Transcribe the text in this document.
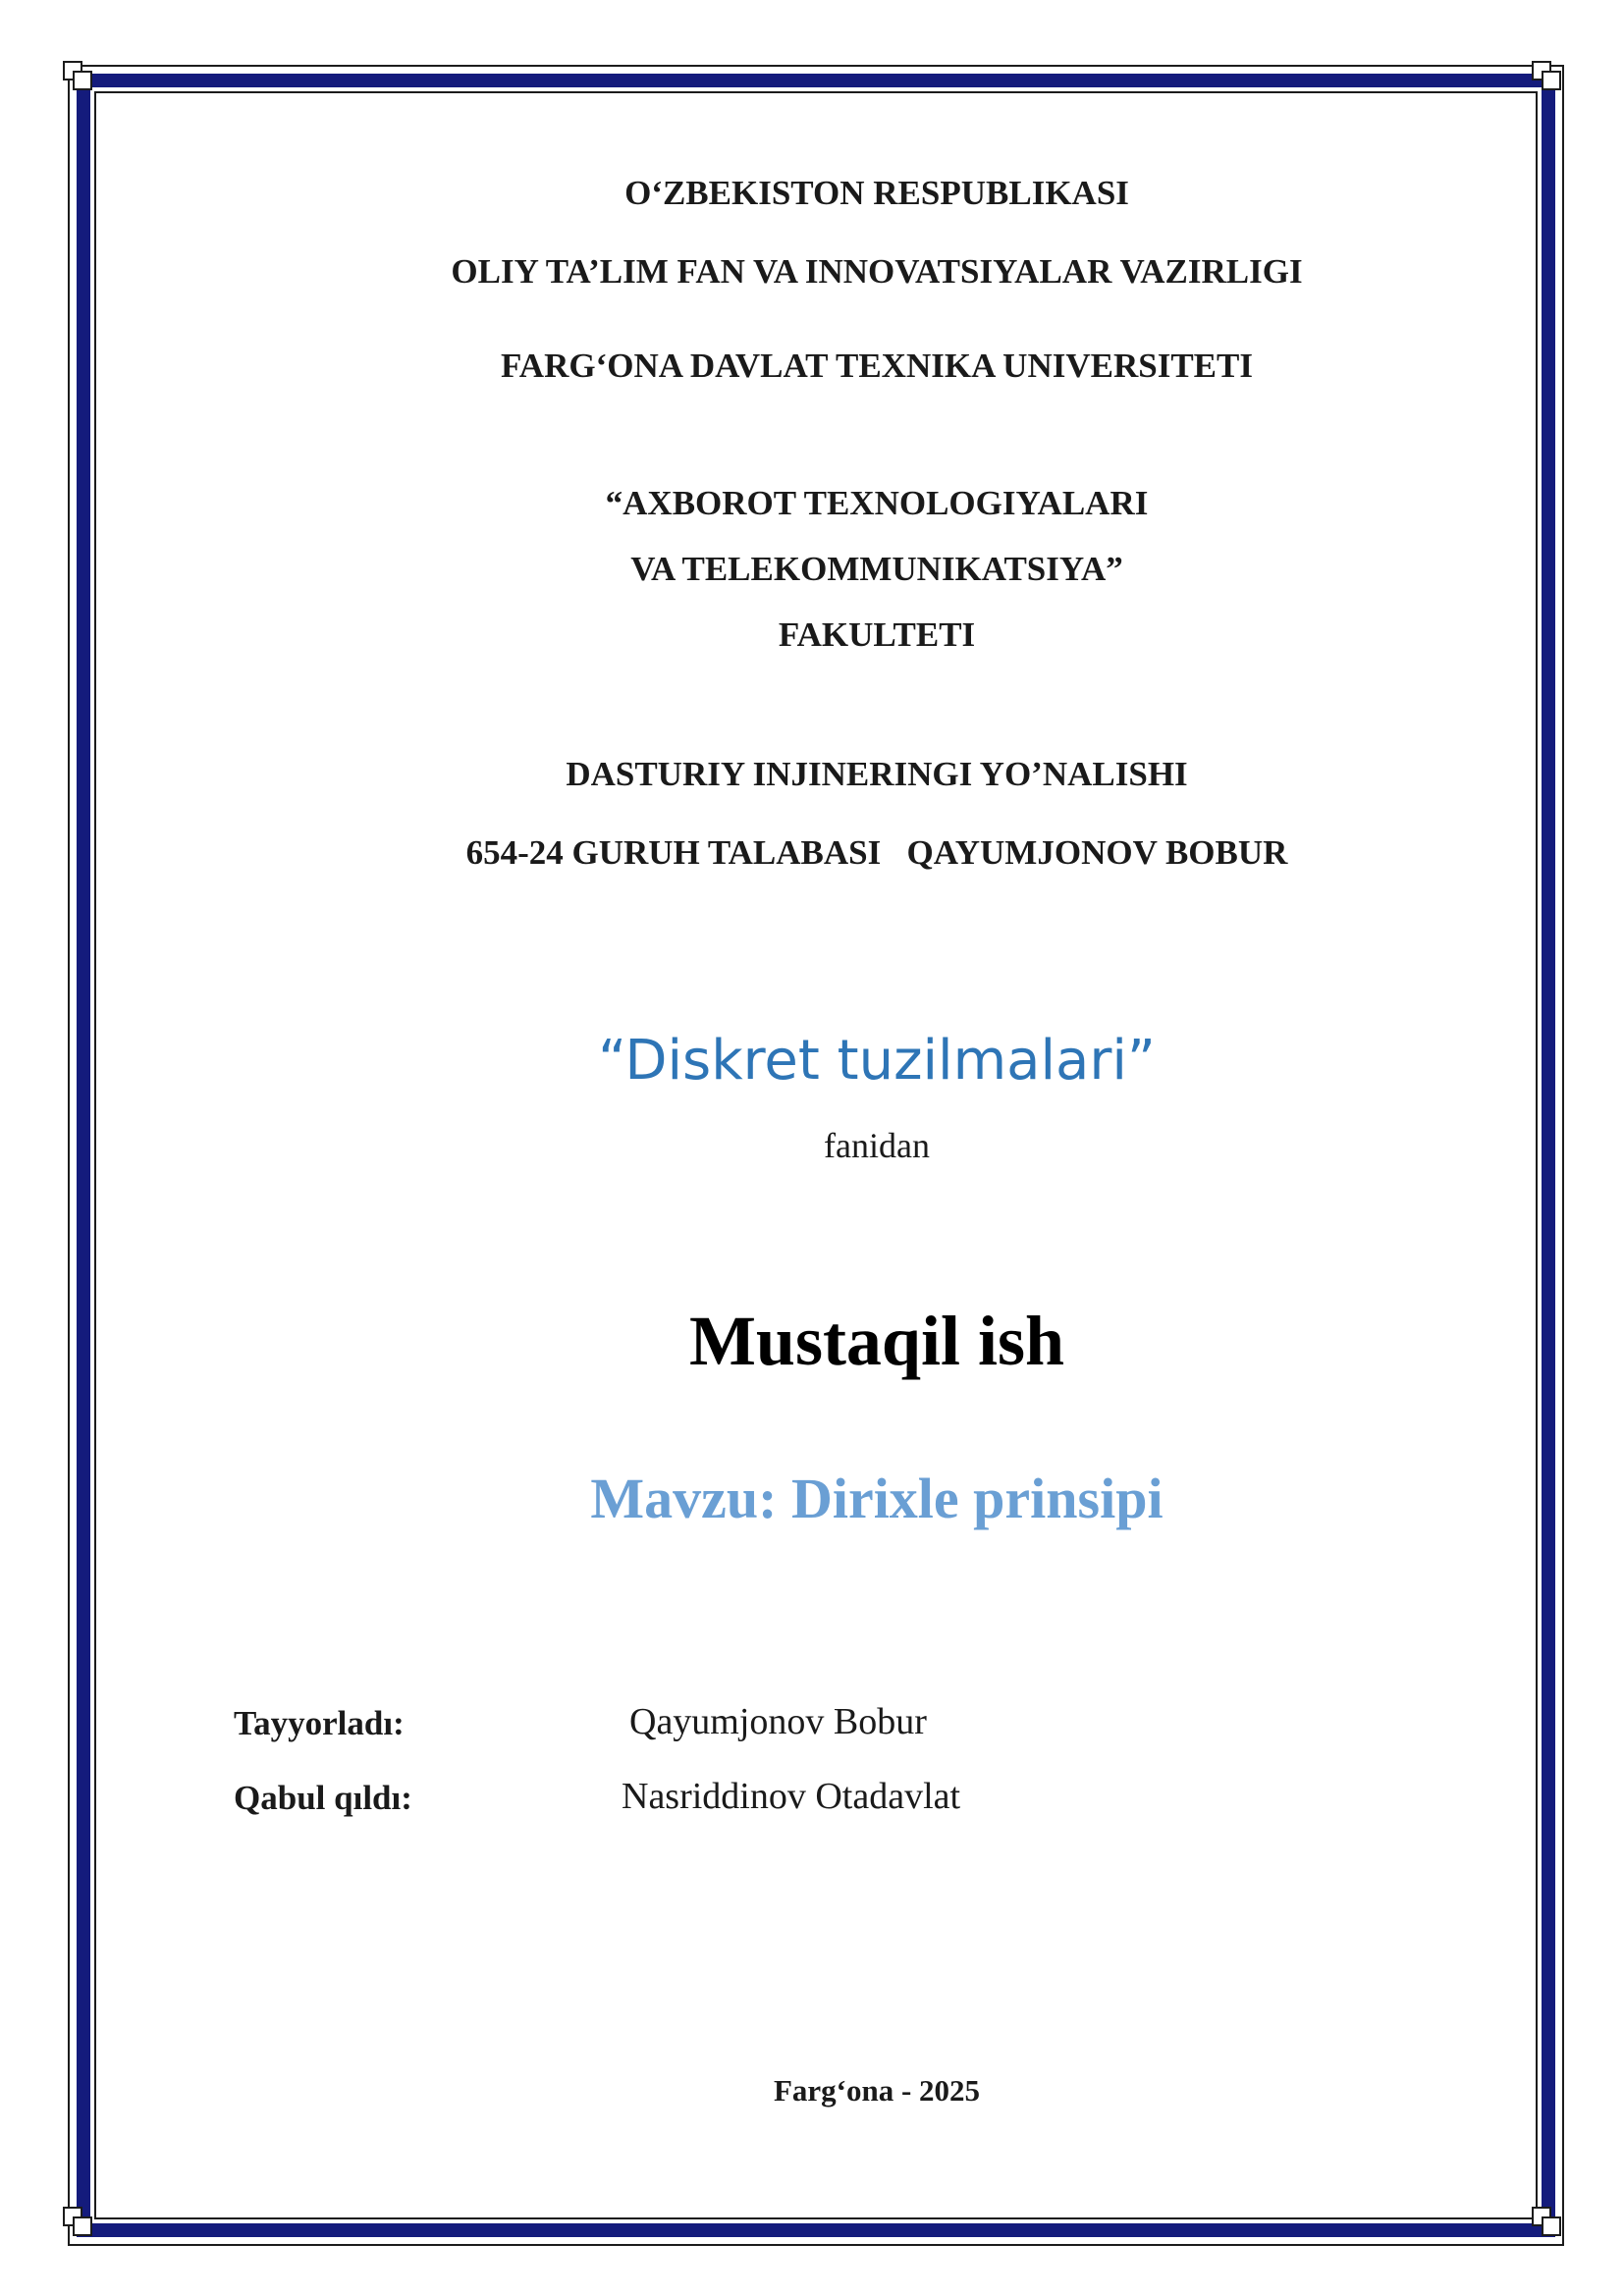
O‘ZBEKISTON RESPUBLIKASI
OLIY TA’LIM FAN VA INNOVATSIYALAR VAZIRLIGI
FARG‘ONA DAVLAT TEXNIKA UNIVERSITETI
“AXBOROT TEXNOLOGIYALARI
VA TELEKOMMUNIKATSIYA”
FAKULTETI
DASTURIY INJINERINGI YO’NALISHI
654-24 GURUH TALABASI QAYUMJONOV BOBUR
“Diskret tuzilmalari”
fanidan
Mustaqil ish
Mavzu: Dirixle prinsipi
Tayyorladı:	Qayumjonov Bobur
Qabul qıldı:	Nasriddinov Otadavlat
Farg‘ona - 2025
